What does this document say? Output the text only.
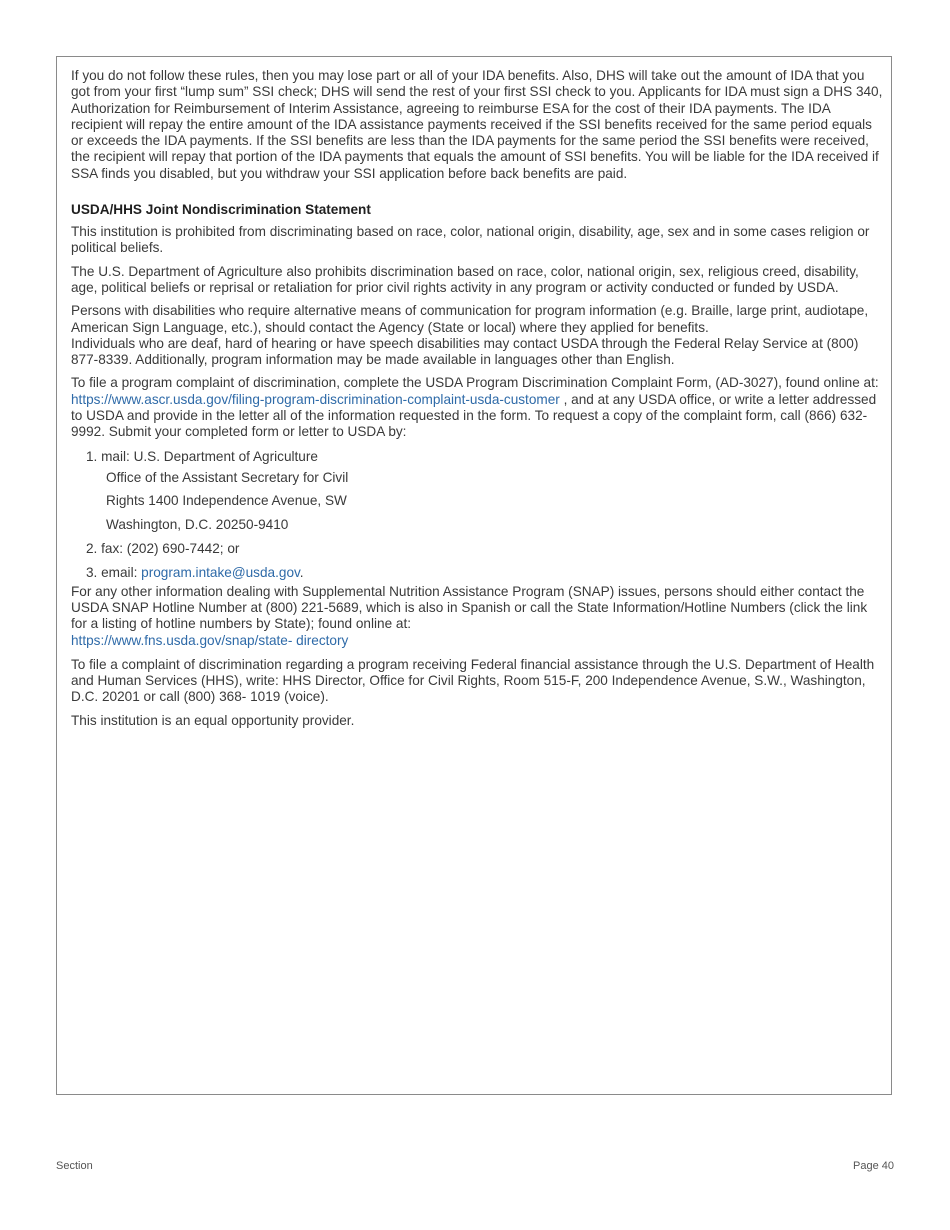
If you do not follow these rules, then you may lose part or all of your IDA benefits. Also, DHS will take out the amount of IDA that you got from your first “lump sum” SSI check; DHS will send the rest of your first SSI check to you. Applicants for IDA must sign a DHS 340, Authorization for Reimbursement of Interim Assistance, agreeing to reimburse ESA for the cost of their IDA payments. The IDA recipient will repay the entire amount of the IDA assistance payments received if the SSI benefits received for the same period equals or exceeds the IDA payments. If the SSI benefits are less than the IDA payments for the same period the SSI benefits were received, the recipient will repay that portion of the IDA payments that equals the amount of SSI benefits. You will be liable for the IDA received if SSA finds you disabled, but you withdraw your SSI application before back benefits are paid.

USDA/HHS Joint Nondiscrimination Statement

This institution is prohibited from discriminating based on race, color, national origin, disability, age, sex and in some cases religion or political beliefs.

The U.S. Department of Agriculture also prohibits discrimination based on race, color, national origin, sex, religious creed, disability, age, political beliefs or reprisal or retaliation for prior civil rights activity in any program or activity conducted or funded by USDA.

Persons with disabilities who require alternative means of communication for program information (e.g. Braille, large print, audiotape, American Sign Language, etc.), should contact the Agency (State or local) where they applied for benefits.

Individuals who are deaf, hard of hearing or have speech disabilities may contact USDA through the Federal Relay Service at (800) 877-8339. Additionally, program information may be made available in languages other than English.

To file a program complaint of discrimination, complete the USDA Program Discrimination Complaint Form, (AD-3027), found online at: https://www.ascr.usda.gov/filing-program-discrimination-complaint-usda-customer , and at any USDA office, or write a letter addressed to USDA and provide in the letter all of the information requested in the form. To request a copy of the complaint form, call (866) 632-9992. Submit your completed form or letter to USDA by:

1. mail: U.S. Department of Agriculture
Office of the Assistant Secretary for Civil
Rights 1400 Independence Avenue, SW
Washington, D.C. 20250-9410
2. fax: (202) 690-7442; or
3. email: program.intake@usda.gov.

For any other information dealing with Supplemental Nutrition Assistance Program (SNAP) issues, persons should either contact the USDA SNAP Hotline Number at (800) 221-5689, which is also in Spanish or call the State Information/Hotline Numbers (click the link for a listing of hotline numbers by State); found online at:
https://www.fns.usda.gov/snap/state- directory

To file a complaint of discrimination regarding a program receiving Federal financial assistance through the U.S. Department of Health and Human Services (HHS), write: HHS Director, Office for Civil Rights, Room 515-F, 200 Independence Avenue, S.W., Washington, D.C. 20201 or call (800) 368- 1019 (voice).

This institution is an equal opportunity provider.

Section	Page 40
